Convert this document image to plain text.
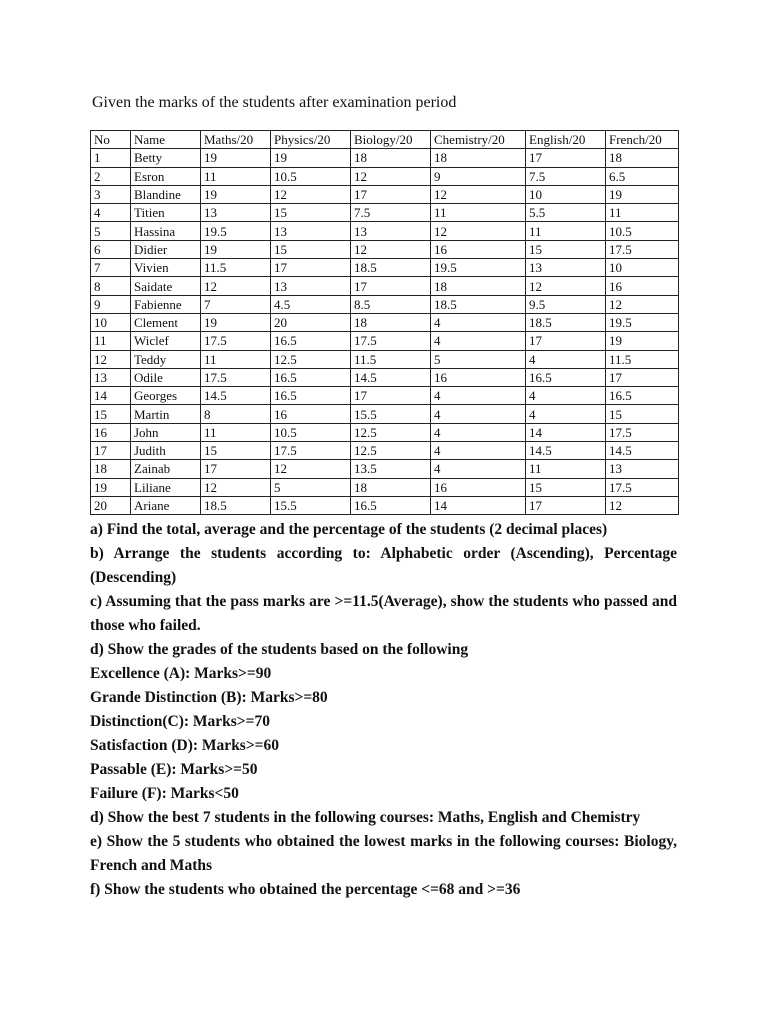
Given the marks of the students after examination period
No	Name	Maths/20	Physics/20	Biology/20	Chemistry/20	English/20	French/20
1	Betty	19	19	18	18	17	18
2	Esron	11	10.5	12	9	7.5	6.5
3	Blandine	19	12	17	12	10	19
4	Titien	13	15	7.5	11	5.5	11
5	Hassina	19.5	13	13	12	11	10.5
6	Didier	19	15	12	16	15	17.5
7	Vivien	11.5	17	18.5	19.5	13	10
8	Saidate	12	13	17	18	12	16
9	Fabienne	7	4.5	8.5	18.5	9.5	12
10	Clement	19	20	18	4	18.5	19.5
11	Wiclef	17.5	16.5	17.5	4	17	19
12	Teddy	11	12.5	11.5	5	4	11.5
13	Odile	17.5	16.5	14.5	16	16.5	17
14	Georges	14.5	16.5	17	4	4	16.5
15	Martin	8	16	15.5	4	4	15
16	John	11	10.5	12.5	4	14	17.5
17	Judith	15	17.5	12.5	4	14.5	14.5
18	Zainab	17	12	13.5	4	11	13
19	Liliane	12	5	18	16	15	17.5
20	Ariane	18.5	15.5	16.5	14	17	12

a) Find the total, average and the percentage of the students (2 decimal places)

b) Arrange the students according to: Alphabetic order (Ascending), Percentage (Descending)

c) Assuming that the pass marks are >=11.5(Average), show the students who passed and those who failed.

d) Show the grades of the students based on the following

Excellence (A): Marks>=90

Grande Distinction (B): Marks>=80

Distinction(C): Marks>=70

Satisfaction (D): Marks>=60

Passable (E): Marks>=50

Failure (F): Marks<50

d) Show the best 7 students in the following courses: Maths, English and Chemistry

e) Show the 5 students who obtained the lowest marks in the following courses: Biology, French and Maths

f) Show the students who obtained the percentage <=68 and >=36
